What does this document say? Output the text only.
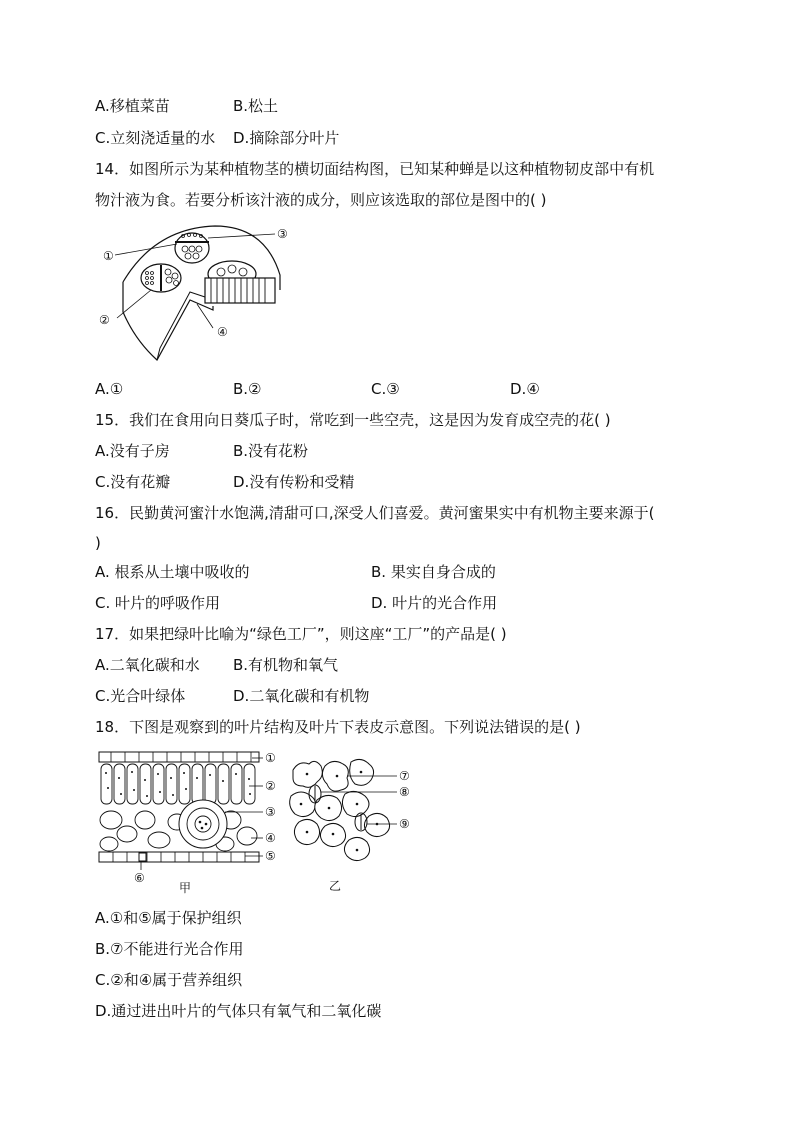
A.移植菜苗	B.松土
C.立刻浇适量的水 D.摘除部分叶片
14．如图所示为某种植物茎的横切面结构图，已知某种蝉是以这种植物韧皮部中有机
物汁液为食。若要分析该汁液的成分，则应该选取的部位是图中的( )
①
③
②
④
A.①	B.②	C.③	D.④
15．我们在食用向日葵瓜子时，常吃到一些空壳，这是因为发育成空壳的花( )
A.没有子房	B.没有花粉
C.没有花瓣	D.没有传粉和受精
16．民勤黄河蜜汁水饱满,清甜可口,深受人们喜爱。黄河蜜果实中有机物主要来源于(
)
A. 根系从土壤中吸收的	B. 果实自身合成的
C. 叶片的呼吸作用	D. 叶片的光合作用
17．如果把绿叶比喻为“绿色工厂”，则这座“工厂”的产品是( )
A.二氧化碳和水 B.有机物和氧气
C.光合叶绿体	D.二氧化碳和有机物
18．下图是观察到的叶片结构及叶片下表皮示意图。下列说法错误的是( )
①
②
③
④
⑤
⑥
甲
⑦
⑧
⑨
乙
A.①和⑤属于保护组织
B.⑦不能进行光合作用
C.②和④属于营养组织
D.通过进出叶片的气体只有氧气和二氧化碳
